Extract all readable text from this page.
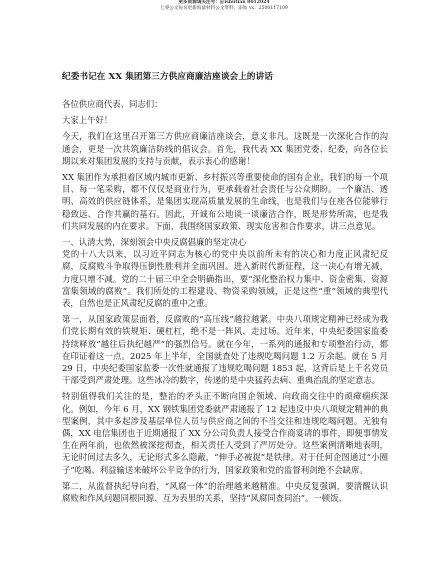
更多资源请关注号：@ishutian 8012024
七零公文每日更新海量材料公文资料，添加 vx：2500117109
纪委书记在 XX 集团第三方供应商廉洁座谈会上的讲话

各位供应商代表、同志们：

大家上午好！

今天，我们在这里召开第三方供应商廉洁座谈会，意义非凡。这既是一次深化合作的沟通会，更是一次共筑廉洁防线的倡议会。首先，我代表 XX 集团党委、纪委，向各位长期以来对集团发展的支持与贡献，表示衷心的感谢！

XX 集团作为承担着区域内城市更新、乡村振兴等重要使命的国有企业，我们的每一个项目、每一笔采购，都不仅仅是商业行为，更承载着社会责任与公众期盼。一个廉洁、透明、高效的供应链体系，是集团实现高质量发展的生命线，也是我们与在座各位能够行稳致远、合作共赢的基石。因此，开诚布公地谈一谈廉洁合作，既是形势所需，也是我们共同发展的内在要求。下面，我围绕国家政策、现实危害和合作要求，讲三点意见。

一、认清大势，深刻领会中央反腐倡廉的坚定决心

党的十八大以来，以习近平同志为核心的党中央以前所未有的决心和力度正风肃纪反腐，反腐败斗争取得压倒性胜利并全面巩固。进入新时代新征程，这一决心有增无减，力度只增不减。党的二十届三中全会明确指出，要“深化整治权力集中、资金密集、资源富集领域的腐败”。我们所处的工程建设、物资采购领域，正是这些“重”领域的典型代表，自然也是正风肃纪反腐的重中之重。

第一，从国家政策层面看，反腐败的“高压线”越拉越紧。中央八项规定精神已经成为我们党长期有效的铁规矩、硬杠杠，绝不是一阵风、走过场。近年来，中央纪委国家监委持续释放“越往后执纪越严”的强烈信号。就在今年，一系列的通报和专项整治行动，都在印证着这一点。2025 年上半年，全国就查处了违规吃喝问题 1.2 万余起。就在 5 月 29 日，中央纪委国家监委一次性就通报了违规吃喝问题 1853 起，这背后是上千名党员干部受到严肃处理。这些冰冷的数字，传递的是中央猛药去病、重典治乱的坚定意志。

特别值得我们关注的是，整治的矛头正不断向国企领域、向政商交往中的顽瘴痼疾深化。例如，今年 6 月，XX 钢铁集团党委就严肃通报了 12 起违反中央八项规定精神的典型案例，其中多起涉及基层单位人员与供应商之间的不当交往和违规吃喝问题。无独有偶，XX 电信集团也于近期通报了 XX 分公司负责人接受合作商宴请的事件，即便事情发生在两年前，也依然被深挖彻查，相关责任人受到了严厉处分。这些案例清晰地表明，无论时间过去多久，无论形式多么隐蔽，“伸手必被捉”是铁律。对于任何企图通过“小圈子”吃喝、利益输送来破坏公平竞争的行为，国家政策和党的监督利剑绝不会缺席。

第二，从监督执纪导向看，“风腐一体”的治理越来越精准。中央反复强调，要清醒认识腐败和作风问题同根同源、互为表里的关系，坚持“风腐同查同治”。一顿饭、
